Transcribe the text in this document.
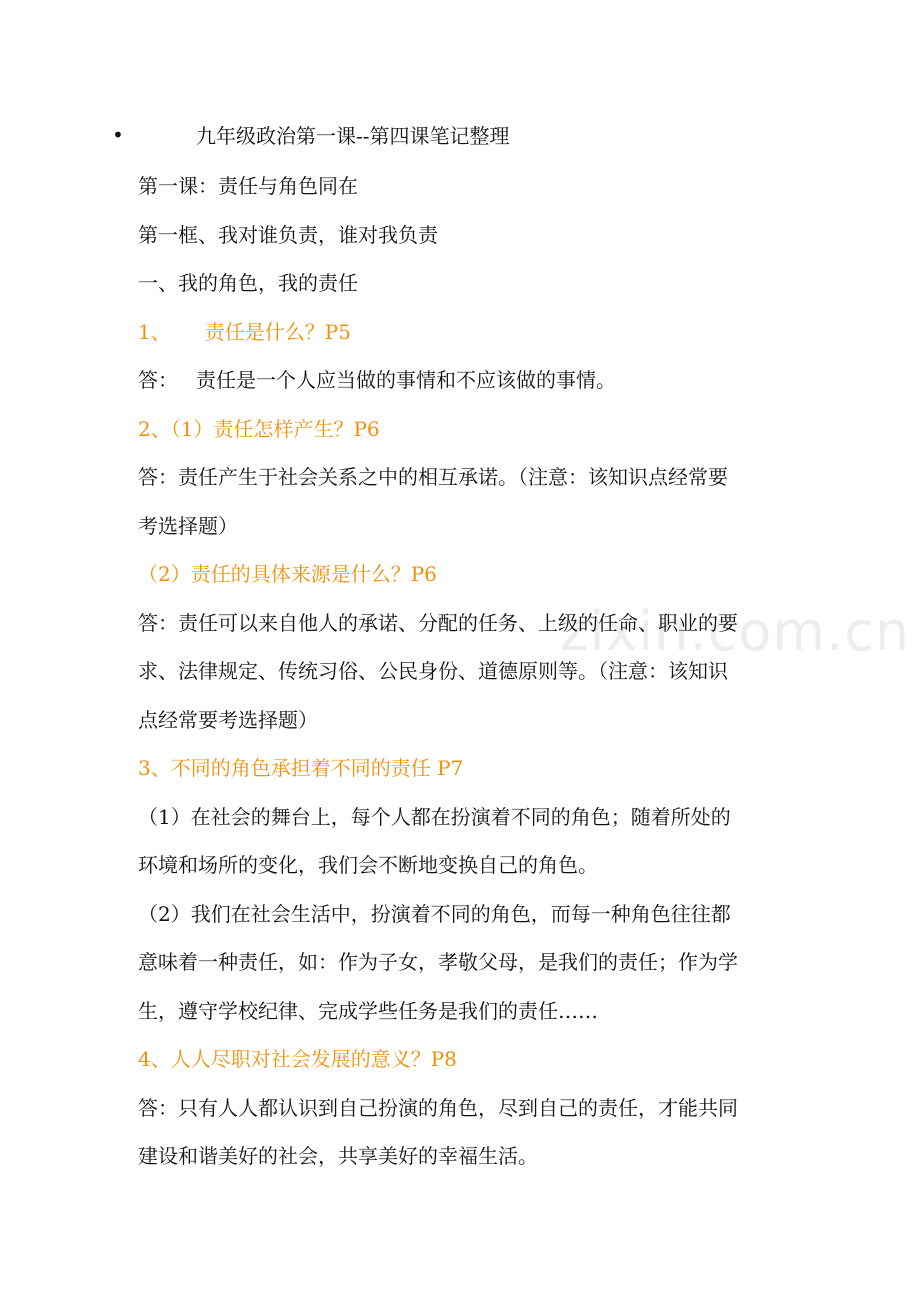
zixin.com.cn
•	九年级政治第一课--第四课笔记整理
第一课：责任与角色同在
第一框、我对谁负责，谁对我负责
一、我的角色，我的责任
1、 责任是什么？P5
答： 责任是一个人应当做的事情和不应该做的事情。
2、（1）责任怎样产生？P6
答：责任产生于社会关系之中的相互承诺。（注意：该知识点经常要
考选择题）
（2）责任的具体来源是什么？P6
答：责任可以来自他人的承诺、分配的任务、上级的任命、职业的要
求、法律规定、传统习俗、公民身份、道德原则等。（注意：该知识
点经常要考选择题）
3、不同的角色承担着不同的责任 P7
（1）在社会的舞台上，每个人都在扮演着不同的角色；随着所处的
环境和场所的变化，我们会不断地变换自己的角色。
（2）我们在社会生活中，扮演着不同的角色，而每一种角色往往都
意味着一种责任，如：作为子女，孝敬父母，是我们的责任；作为学
生，遵守学校纪律、完成学些任务是我们的责任……
4、人人尽职对社会发展的意义？P8
答：只有人人都认识到自己扮演的角色，尽到自己的责任，才能共同
建设和谐美好的社会，共享美好的幸福生活。
